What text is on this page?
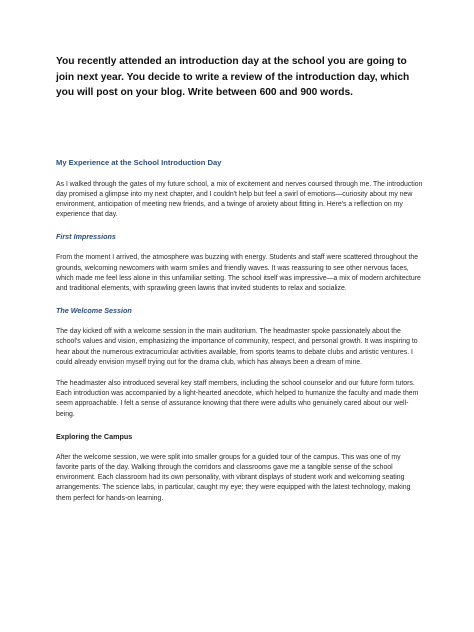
You recently attended an introduction day at the school you are going to join next year. You decide to write a review of the introduction day, which you will post on your blog. Write between 600 and 900 words.

My Experience at the School Introduction Day

As I walked through the gates of my future school, a mix of excitement and nerves coursed through me. The introduction day promised a glimpse into my next chapter, and I couldn't help but feel a swirl of emotions—curiosity about my new environment, anticipation of meeting new friends, and a twinge of anxiety about fitting in. Here's a reflection on my experience that day.

First Impressions

From the moment I arrived, the atmosphere was buzzing with energy. Students and staff were scattered throughout the grounds, welcoming newcomers with warm smiles and friendly waves. It was reassuring to see other nervous faces, which made me feel less alone in this unfamiliar setting. The school itself was impressive—a mix of modern architecture and traditional elements, with sprawling green lawns that invited students to relax and socialize.

The Welcome Session

The day kicked off with a welcome session in the main auditorium. The headmaster spoke passionately about the school's values and vision, emphasizing the importance of community, respect, and personal growth. It was inspiring to hear about the numerous extracurricular activities available, from sports teams to debate clubs and artistic ventures. I could already envision myself trying out for the drama club, which has always been a dream of mine.

The headmaster also introduced several key staff members, including the school counselor and our future form tutors. Each introduction was accompanied by a light-hearted anecdote, which helped to humanize the faculty and made them seem approachable. I felt a sense of assurance knowing that there were adults who genuinely cared about our well-being.

Exploring the Campus

After the welcome session, we were split into smaller groups for a guided tour of the campus. This was one of my favorite parts of the day. Walking through the corridors and classrooms gave me a tangible sense of the school environment. Each classroom had its own personality, with vibrant displays of student work and welcoming seating arrangements. The science labs, in particular, caught my eye; they were equipped with the latest technology, making them perfect for hands-on learning.
